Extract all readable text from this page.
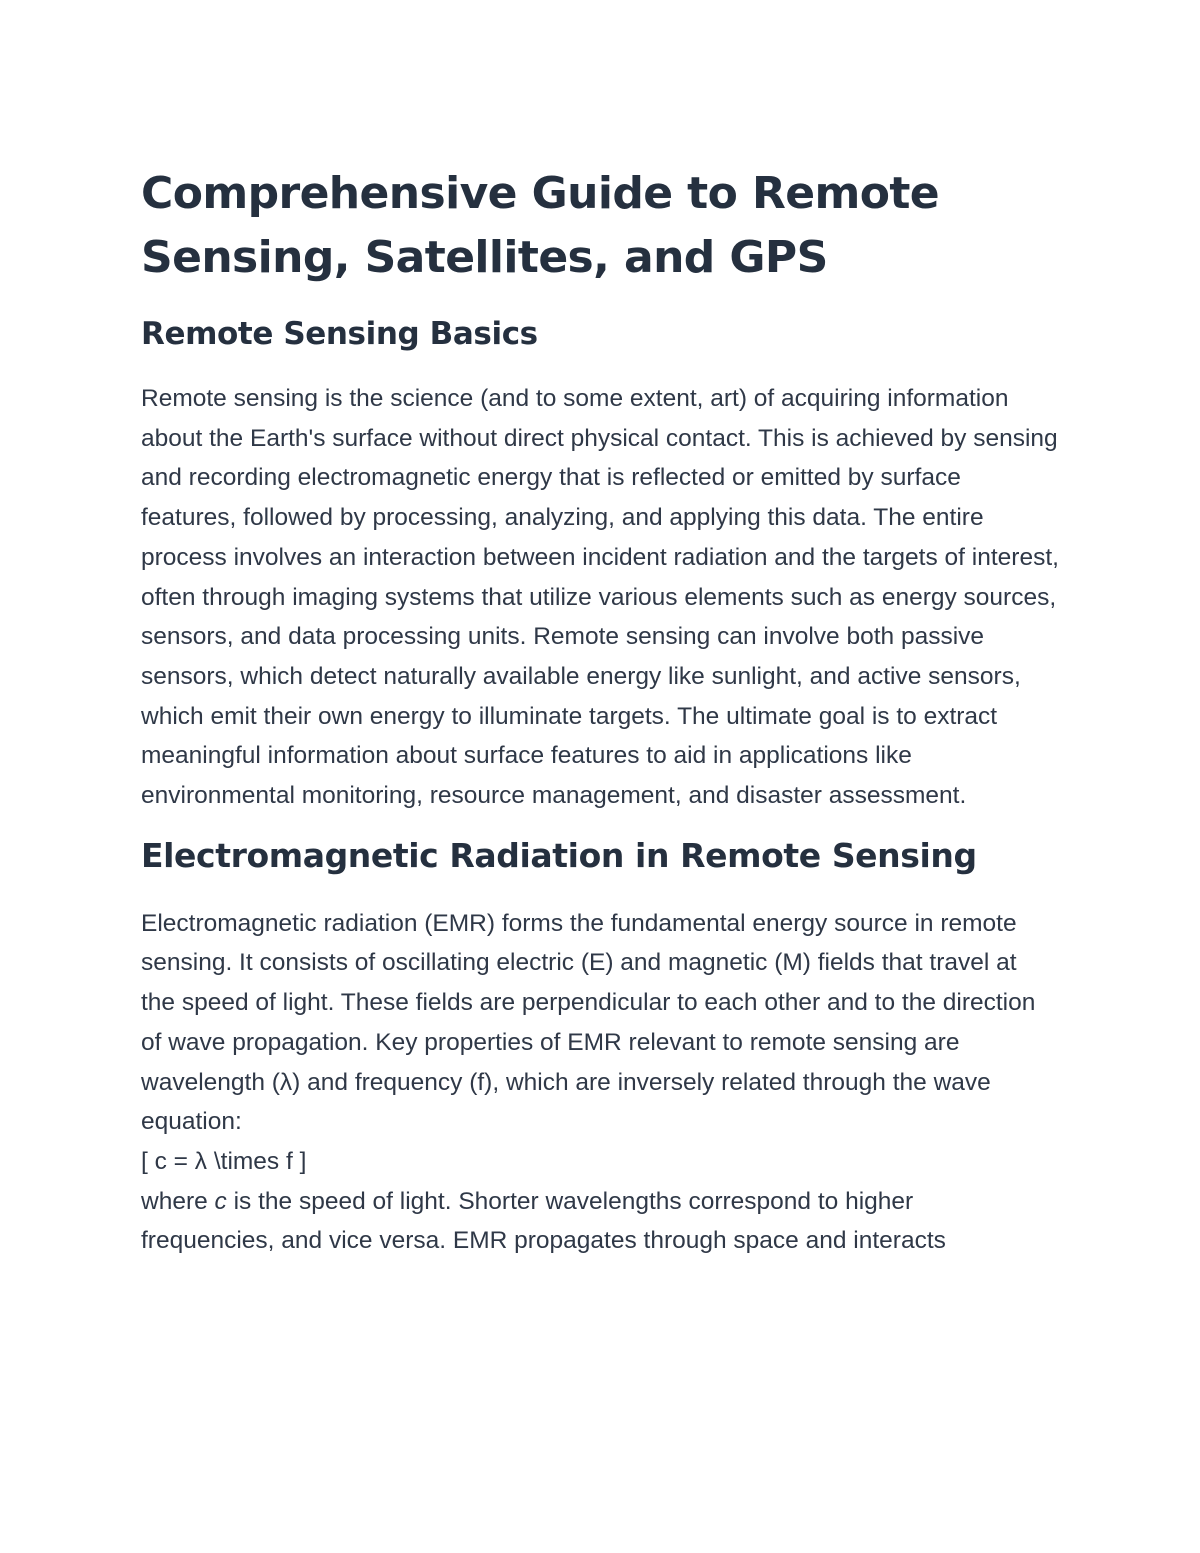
Comprehensive Guide to Remote Sensing, Satellites, and GPS
Remote Sensing Basics

Remote sensing is the science (and to some extent, art) of acquiring information about the Earth's surface without direct physical contact. This is achieved by sensing and recording electromagnetic energy that is reflected or emitted by surface features, followed by processing, analyzing, and applying this data. The entire process involves an interaction between incident radiation and the targets of interest, often through imaging systems that utilize various elements such as energy sources, sensors, and data processing units. Remote sensing can involve both passive sensors, which detect naturally available energy like sunlight, and active sensors, which emit their own energy to illuminate targets. The ultimate goal is to extract meaningful information about surface features to aid in applications like environmental monitoring, resource management, and disaster assessment.

Electromagnetic Radiation in Remote Sensing

Electromagnetic radiation (EMR) forms the fundamental energy source in remote sensing. It consists of oscillating electric (E) and magnetic (M) fields that travel at the speed of light. These fields are perpendicular to each other and to the direction of wave propagation. Key properties of EMR relevant to remote sensing are wavelength (λ) and frequency (f), which are inversely related through the wave equation:
[ c = λ \times f ]
where c is the speed of light. Shorter wavelengths correspond to higher frequencies, and vice versa. EMR propagates through space and interacts
